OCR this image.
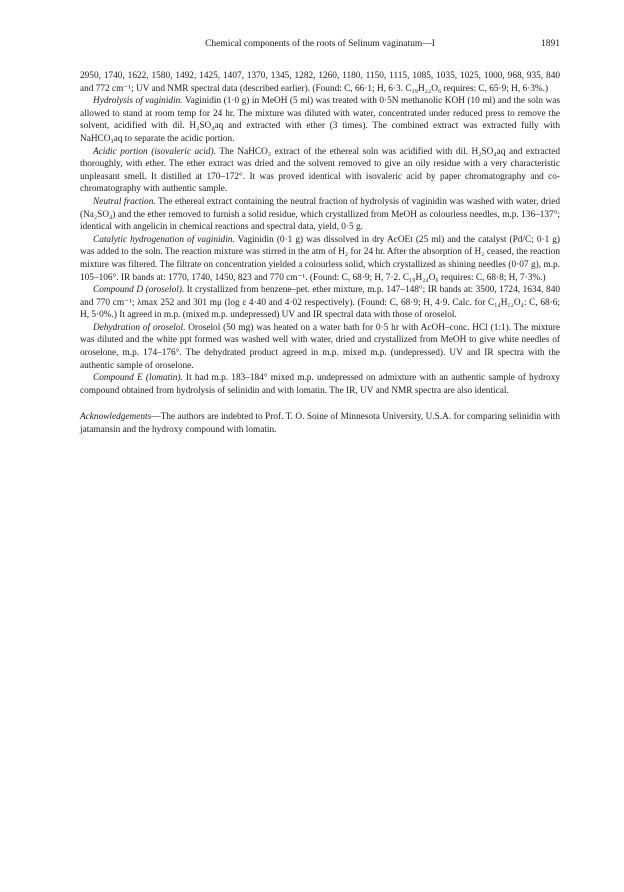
Chemical components of the roots of Selinum vaginatum—I	1891

2950, 1740, 1622, 1580, 1492, 1425, 1407, 1370, 1345, 1282, 1260, 1180, 1150, 1115, 1085, 1035, 1025, 1000, 968, 935, 840 and 772 cm⁻¹; UV and NMR spectral data (described earlier). (Found: C, 66·1; H, 6·3. C₁₉H₂₂O₆ requires: C, 65·9; H, 6·3%.)

Hydrolysis of vaginidin. Vaginidin (1·0 g) in MeOH (5 ml) was treated with 0·5N methanolic KOH (10 ml) and the soln was allowed to stand at room temp for 24 hr. The mixture was diluted with water, concentrated under reduced press to remove the solvent, acidified with dil. H₂SO₄aq and extracted with ether (3 times). The combined extract was extracted fully with NaHCO₃aq to separate the acidic portion.

Acidic portion (isovaleric acid). The NaHCO₃ extract of the ethereal soln was acidified with dil. H₂SO₄aq and extracted thoroughly, with ether. The ether extract was dried and the solvent removed to give an oily residue with a very characteristic unpleasant smell. It distilled at 170–172°. It was proved identical with isovaleric acid by paper chromatography and co-chromatography with authentic sample.

Neutral fraction. The ethereal extract containing the neutral fraction of hydrolysis of vaginidin was washed with water, dried (Na₂SO₄) and the ether removed to furnish a solid residue, which crystallized from MeOH as colourless needles, m.p. 136–137°; identical with angelicin in chemical reactions and spectral data, yield, 0·5 g.

Catalytic hydrogenation of vaginidin. Vaginidin (0·1 g) was dissolved in dry AcOEt (25 ml) and the catalyst (Pd/C; 0·1 g) was added to the soln. The reaction mixture was stirred in the atm of H₂ for 24 hr. After the absorption of H₂ ceased, the reaction mixture was filtered. The filtrate on concentration yielded a colourless solid, which crystallized as shining needles (0·07 g), m.p. 105–106°. IR bands at: 1770, 1740, 1450, 823 and 770 cm⁻¹. (Found: C, 68·9; H, 7·2. C₁₉H₂₄O₆ requires: C, 68·8; H, 7·3%.)

Compound D (oroselol). It crystallized from benzene–pet. ether mixture, m.p. 147–148°; IR bands at: 3500, 1724, 1634, 840 and 770 cm⁻¹; λmax 252 and 301 mμ (log ε 4·40 and 4·02 respectively). (Found: C, 68·9; H, 4·9. Calc. for C₁₄H₁₂O₄: C, 68·6; H, 5·0%.) It agreed in m.p. (mixed m.p. undepressed) UV and IR spectral data with those of oroselol.

Dehydration of oroselol. Oroselol (50 mg) was heated on a water bath for 0·5 hr with AcOH–conc. HCl (1:1). The mixture was diluted and the white ppt formed was washed well with water, dried and crystallized from MeOH to give white needles of oroselone, m.p. 174–176°. The dehydrated product agreed in m.p. mixed m.p. (undepressed). UV and IR spectra with the authentic sample of oroselone.

Compound E (lomatin). It had m.p. 183–184° mixed m.p. undepressed on admixture with an authentic sample of hydroxy compound obtained from hydrolysis of selinidin and with lomatin. The IR, UV and NMR spectra are also identical.

Acknowledgements—The authors are indebted to Prof. T. O. Soine of Minnesota University, U.S.A. for comparing selinidin with jatamansin and the hydroxy compound with lomatin.
